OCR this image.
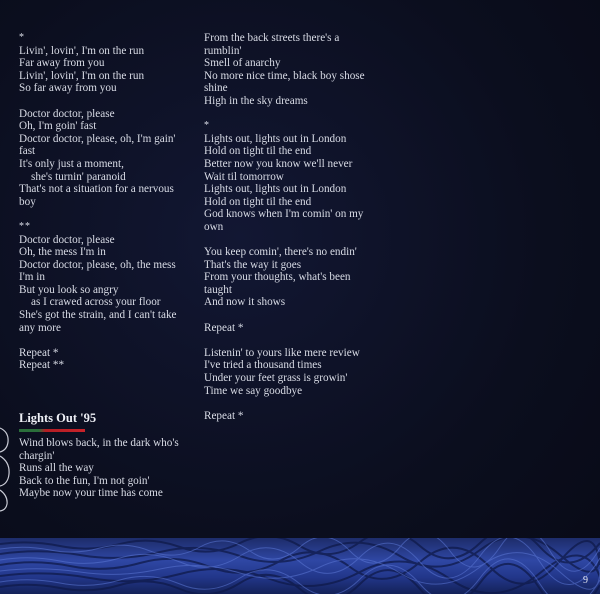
*
Livin', lovin', I'm on the run
Far away from you
Livin', lovin', I'm on the run
So far away from you
Doctor doctor, please
Oh, I'm goin' fast
Doctor doctor, please, oh, I'm gain'
fast
It's only just a moment,
she's turnin' paranoid
That's not a situation for a nervous
boy
**
Doctor doctor, please
Oh, the mess I'm in
Doctor doctor, please, oh, the mess
I'm in
But you look so angry
as I crawed across your floor
She's got the strain, and I can't take
any more
Repeat *
Repeat **
From the back streets there's a
rumblin'
Smell of anarchy
No more nice time, black boy shose
shine
High in the sky dreams
*
Lights out, lights out in London
Hold on tight til the end
Better now you know we'll never
Wait til tomorrow
Lights out, lights out in London
Hold on tight til the end
God knows when I'm comin' on my
own
You keep comin', there's no endin'
That's the way it goes
From your thoughts, what's been
taught
And now it shows
Repeat *
Listenin' to yours like mere review
I've tried a thousand times
Under your feet grass is growin'
Time we say goodbye
Repeat *
Lights Out '95
Wind blows back, in the dark who's
chargin'
Runs all the way
Back to the fun, I'm not goin'
Maybe now your time has come
9
